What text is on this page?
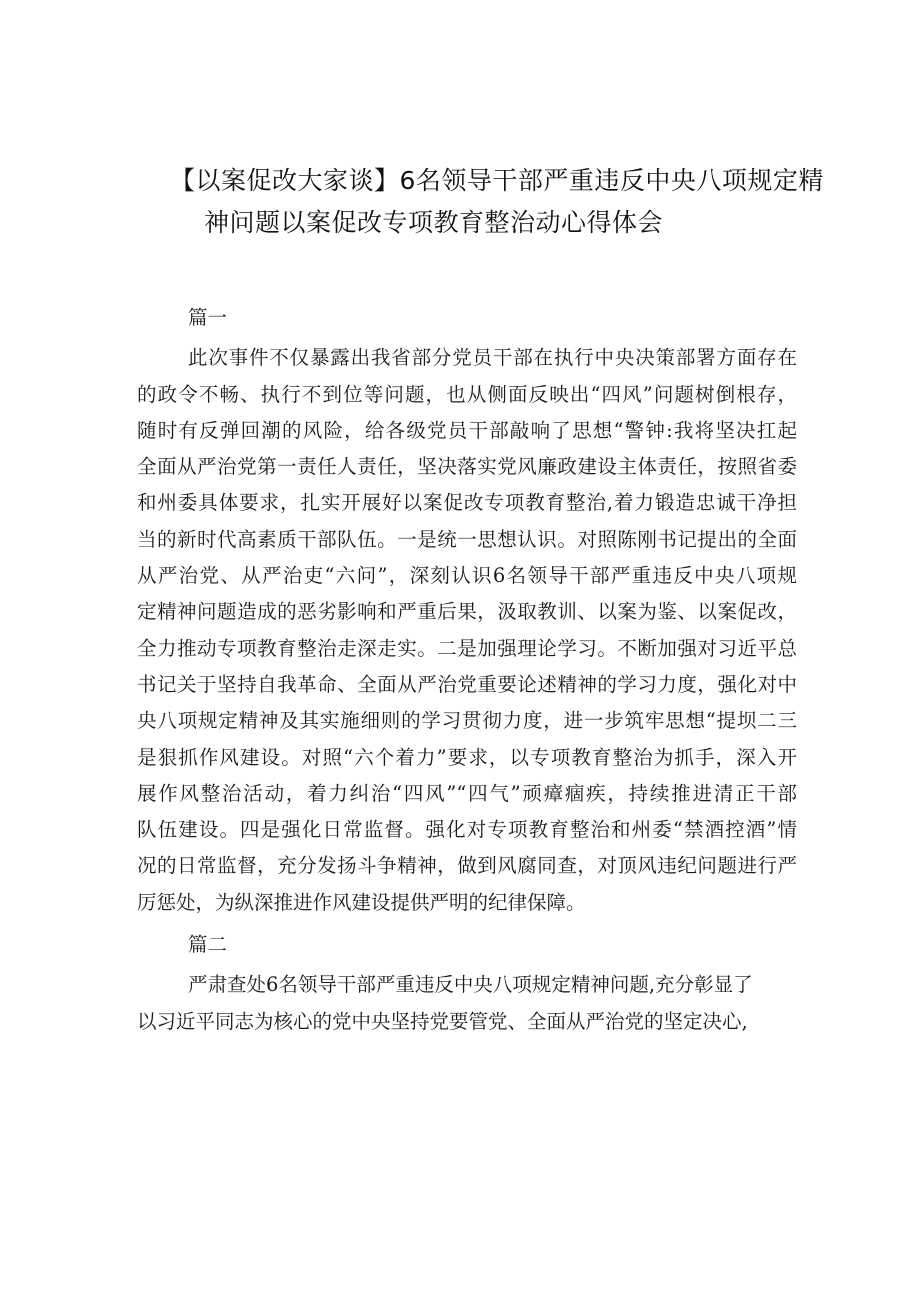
【以案促改大家谈】6名领导干部严重违反中央八项规定精
神问题以案促改专项教育整治动心得体会
篇一
此次事件不仅暴露出我省部分党员干部在执行中央决策部署方面存在
的政令不畅、执行不到位等问题，也从侧面反映出“四风”问题树倒根存，
随时有反弹回潮的风险，给各级党员干部敲响了思想“警钟:我将坚决扛起
全面从严治党第一责任人责任，坚决落实党风廉政建设主体责任，按照省委
和州委具体要求，扎实开展好以案促改专项教育整治,着力锻造忠诚干净担
当的新时代高素质干部队伍。一是统一思想认识。对照陈刚书记提出的全面
从严治党、从严治吏“六问”，深刻认识6名领导干部严重违反中央八项规
定精神问题造成的恶劣影响和严重后果，汲取教训、以案为鉴、以案促改，
全力推动专项教育整治走深走实。二是加强理论学习。不断加强对习近平总
书记关于坚持自我革命、全面从严治党重要论述精神的学习力度，强化对中
央八项规定精神及其实施细则的学习贯彻力度，进一步筑牢思想“提坝二三
是狠抓作风建设。对照“六个着力”要求，以专项教育整治为抓手，深入开
展作风整治活动，着力纠治“四风”“四气”顽瘴痼疾，持续推进清正干部
队伍建设。四是强化日常监督。强化对专项教育整治和州委“禁酒控酒”情
况的日常监督，充分发扬斗争精神，做到风腐同查，对顶风违纪问题进行严
厉惩处，为纵深推进作风建设提供严明的纪律保障。
篇二
严肃查处6名领导干部严重违反中央八项规定精神问题,充分彰显了
以习近平同志为核心的党中央坚持党要管党、全面从严治党的坚定决心,
